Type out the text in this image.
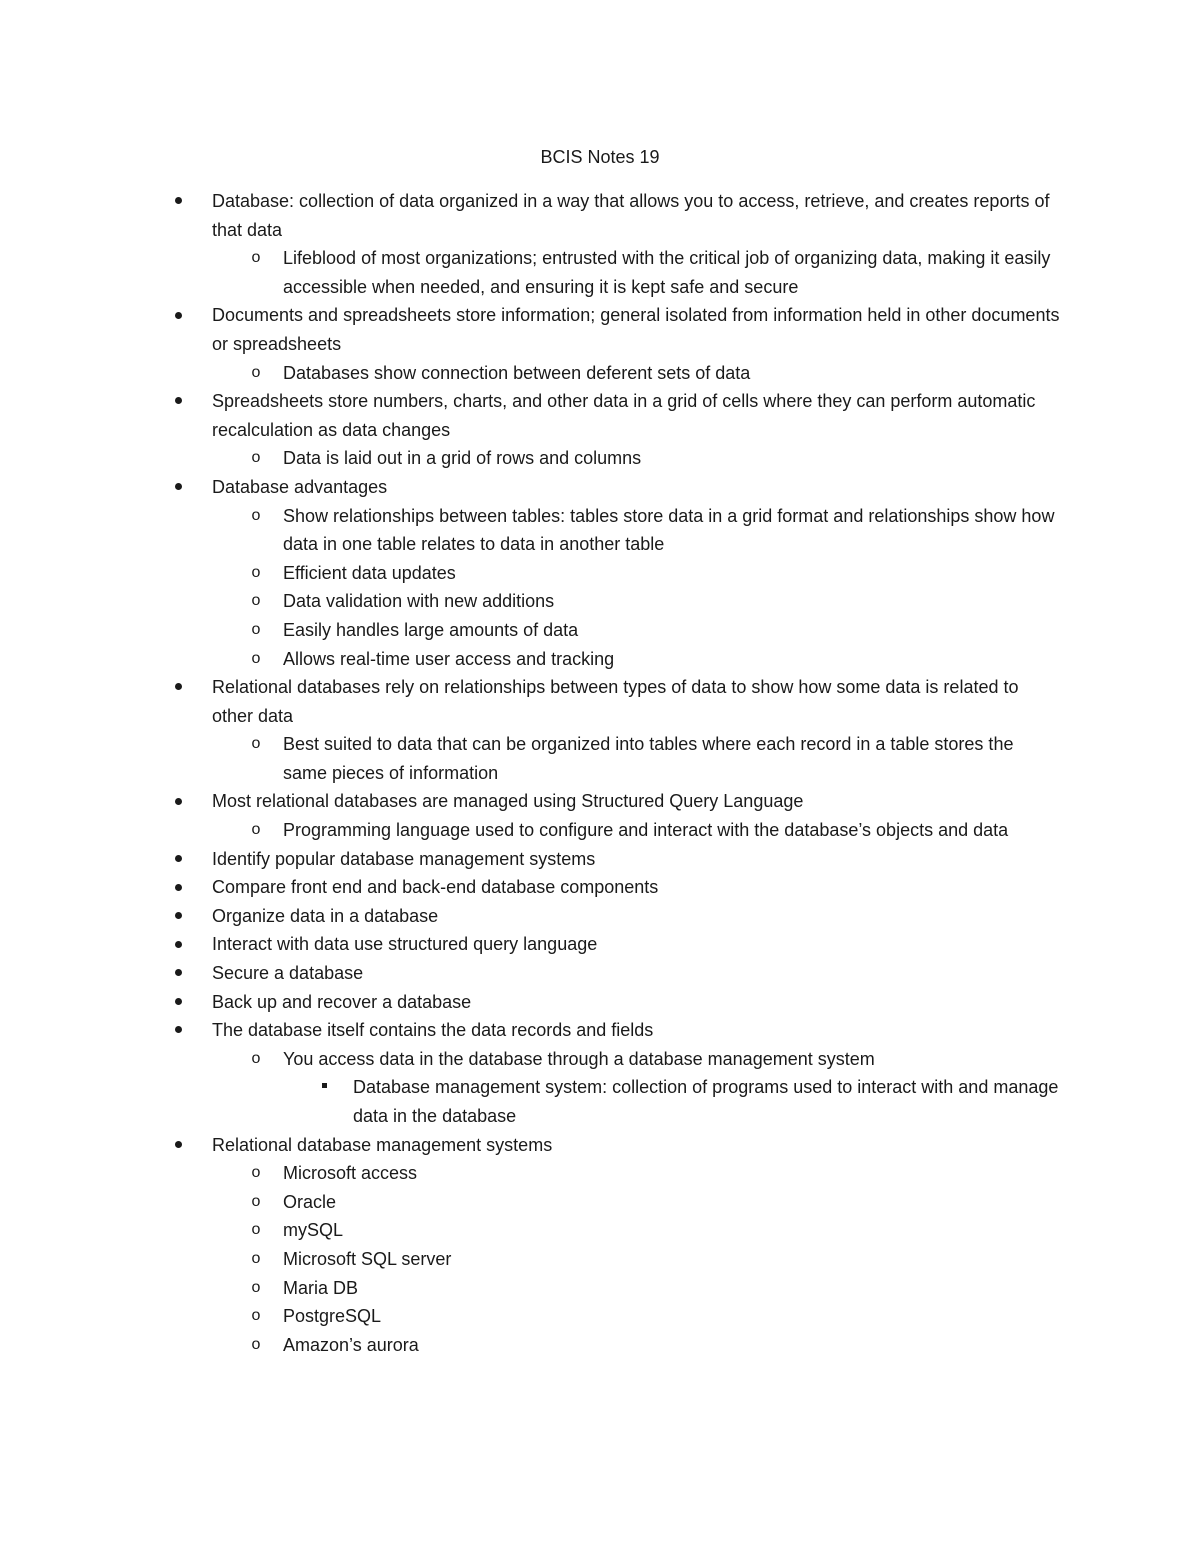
BCIS Notes 19
Database: collection of data organized in a way that allows you to access, retrieve, and creates reports of that data
o	Lifeblood of most organizations; entrusted with the critical job of organizing data, making it easily accessible when needed, and ensuring it is kept safe and secure
Documents and spreadsheets store information; general isolated from information held in other documents or spreadsheets
o	Databases show connection between deferent sets of data
Spreadsheets store numbers, charts, and other data in a grid of cells where they can perform automatic recalculation as data changes
o	Data is laid out in a grid of rows and columns
Database advantages
o	Show relationships between tables: tables store data in a grid format and relationships show how data in one table relates to data in another table
o	Efficient data updates
o	Data validation with new additions
o	Easily handles large amounts of data
o	Allows real-time user access and tracking
Relational databases rely on relationships between types of data to show how some data is related to other data
o	Best suited to data that can be organized into tables where each record in a table stores the same pieces of information
Most relational databases are managed using Structured Query Language
o	Programming language used to configure and interact with the database’s objects and data
Identify popular database management systems
Compare front end and back-end database components
Organize data in a database
Interact with data use structured query language
Secure a database
Back up and recover a database
The database itself contains the data records and fields
o	You access data in the database through a database management system
Database management system: collection of programs used to interact with and manage data in the database
Relational database management systems
o	Microsoft access
o	Oracle
o	mySQL
o	Microsoft SQL server
o	Maria DB
o	PostgreSQL
o	Amazon’s aurora
